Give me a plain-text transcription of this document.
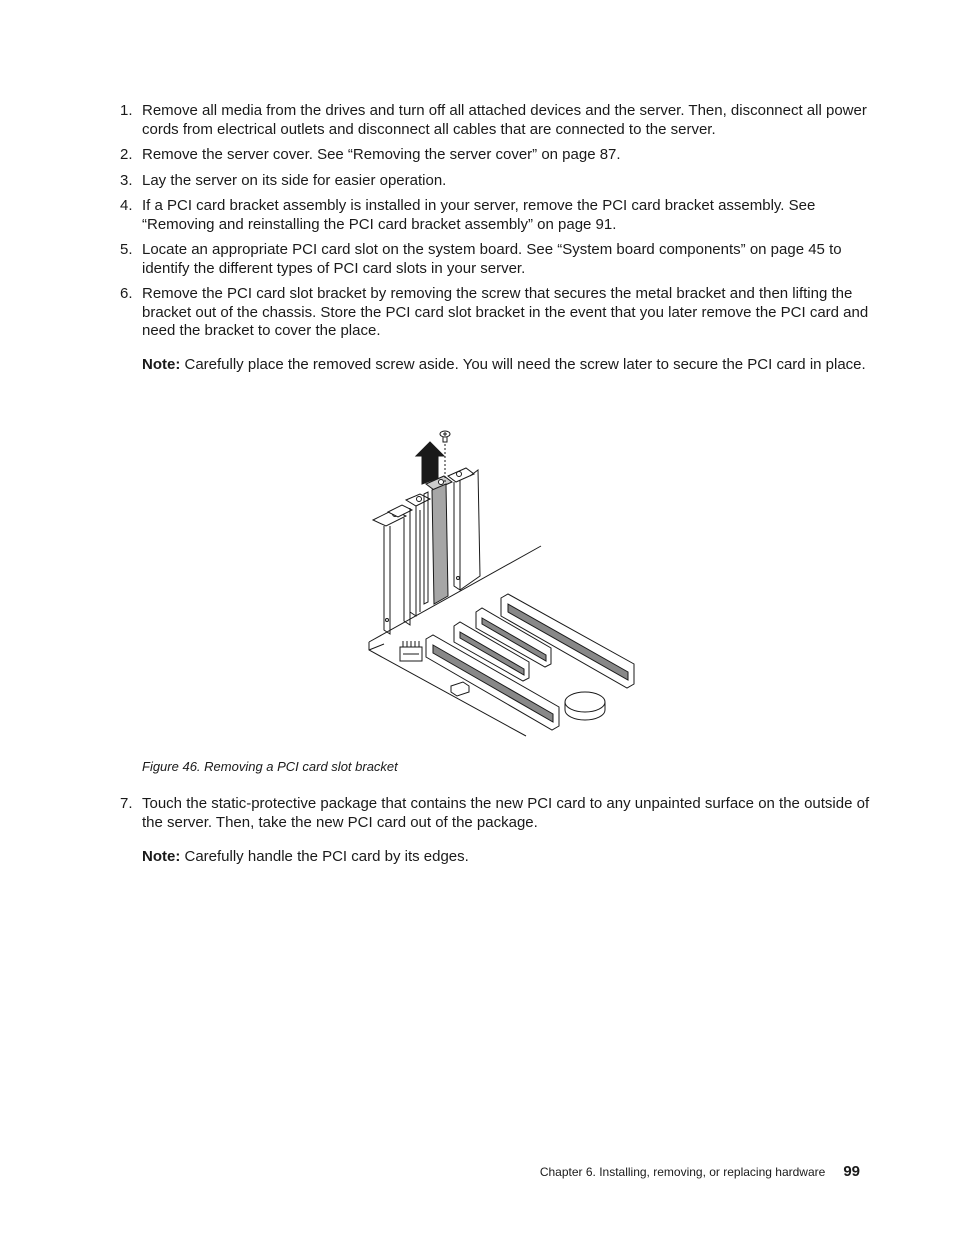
1. Remove all media from the drives and turn off all attached devices and the server. Then, disconnect all power cords from electrical outlets and disconnect all cables that are connected to the server.
2. Remove the server cover. See “Removing the server cover” on page 87.
3. Lay the server on its side for easier operation.
4. If a PCI card bracket assembly is installed in your server, remove the PCI card bracket assembly. See “Removing and reinstalling the PCI card bracket assembly” on page 91.
5. Locate an appropriate PCI card slot on the system board. See “System board components” on page 45 to identify the different types of PCI card slots in your server.
6. Remove the PCI card slot bracket by removing the screw that secures the metal bracket and then lifting the bracket out of the chassis. Store the PCI card slot bracket in the event that you later remove the PCI card and need the bracket to cover the place.
Note: Carefully place the removed screw aside. You will need the screw later to secure the PCI card in place.
Figure 46. Removing a PCI card slot bracket
7. Touch the static-protective package that contains the new PCI card to any unpainted surface on the outside of the server. Then, take the new PCI card out of the package.
Note: Carefully handle the PCI card by its edges.
Chapter 6. Installing, removing, or replacing hardware 99
